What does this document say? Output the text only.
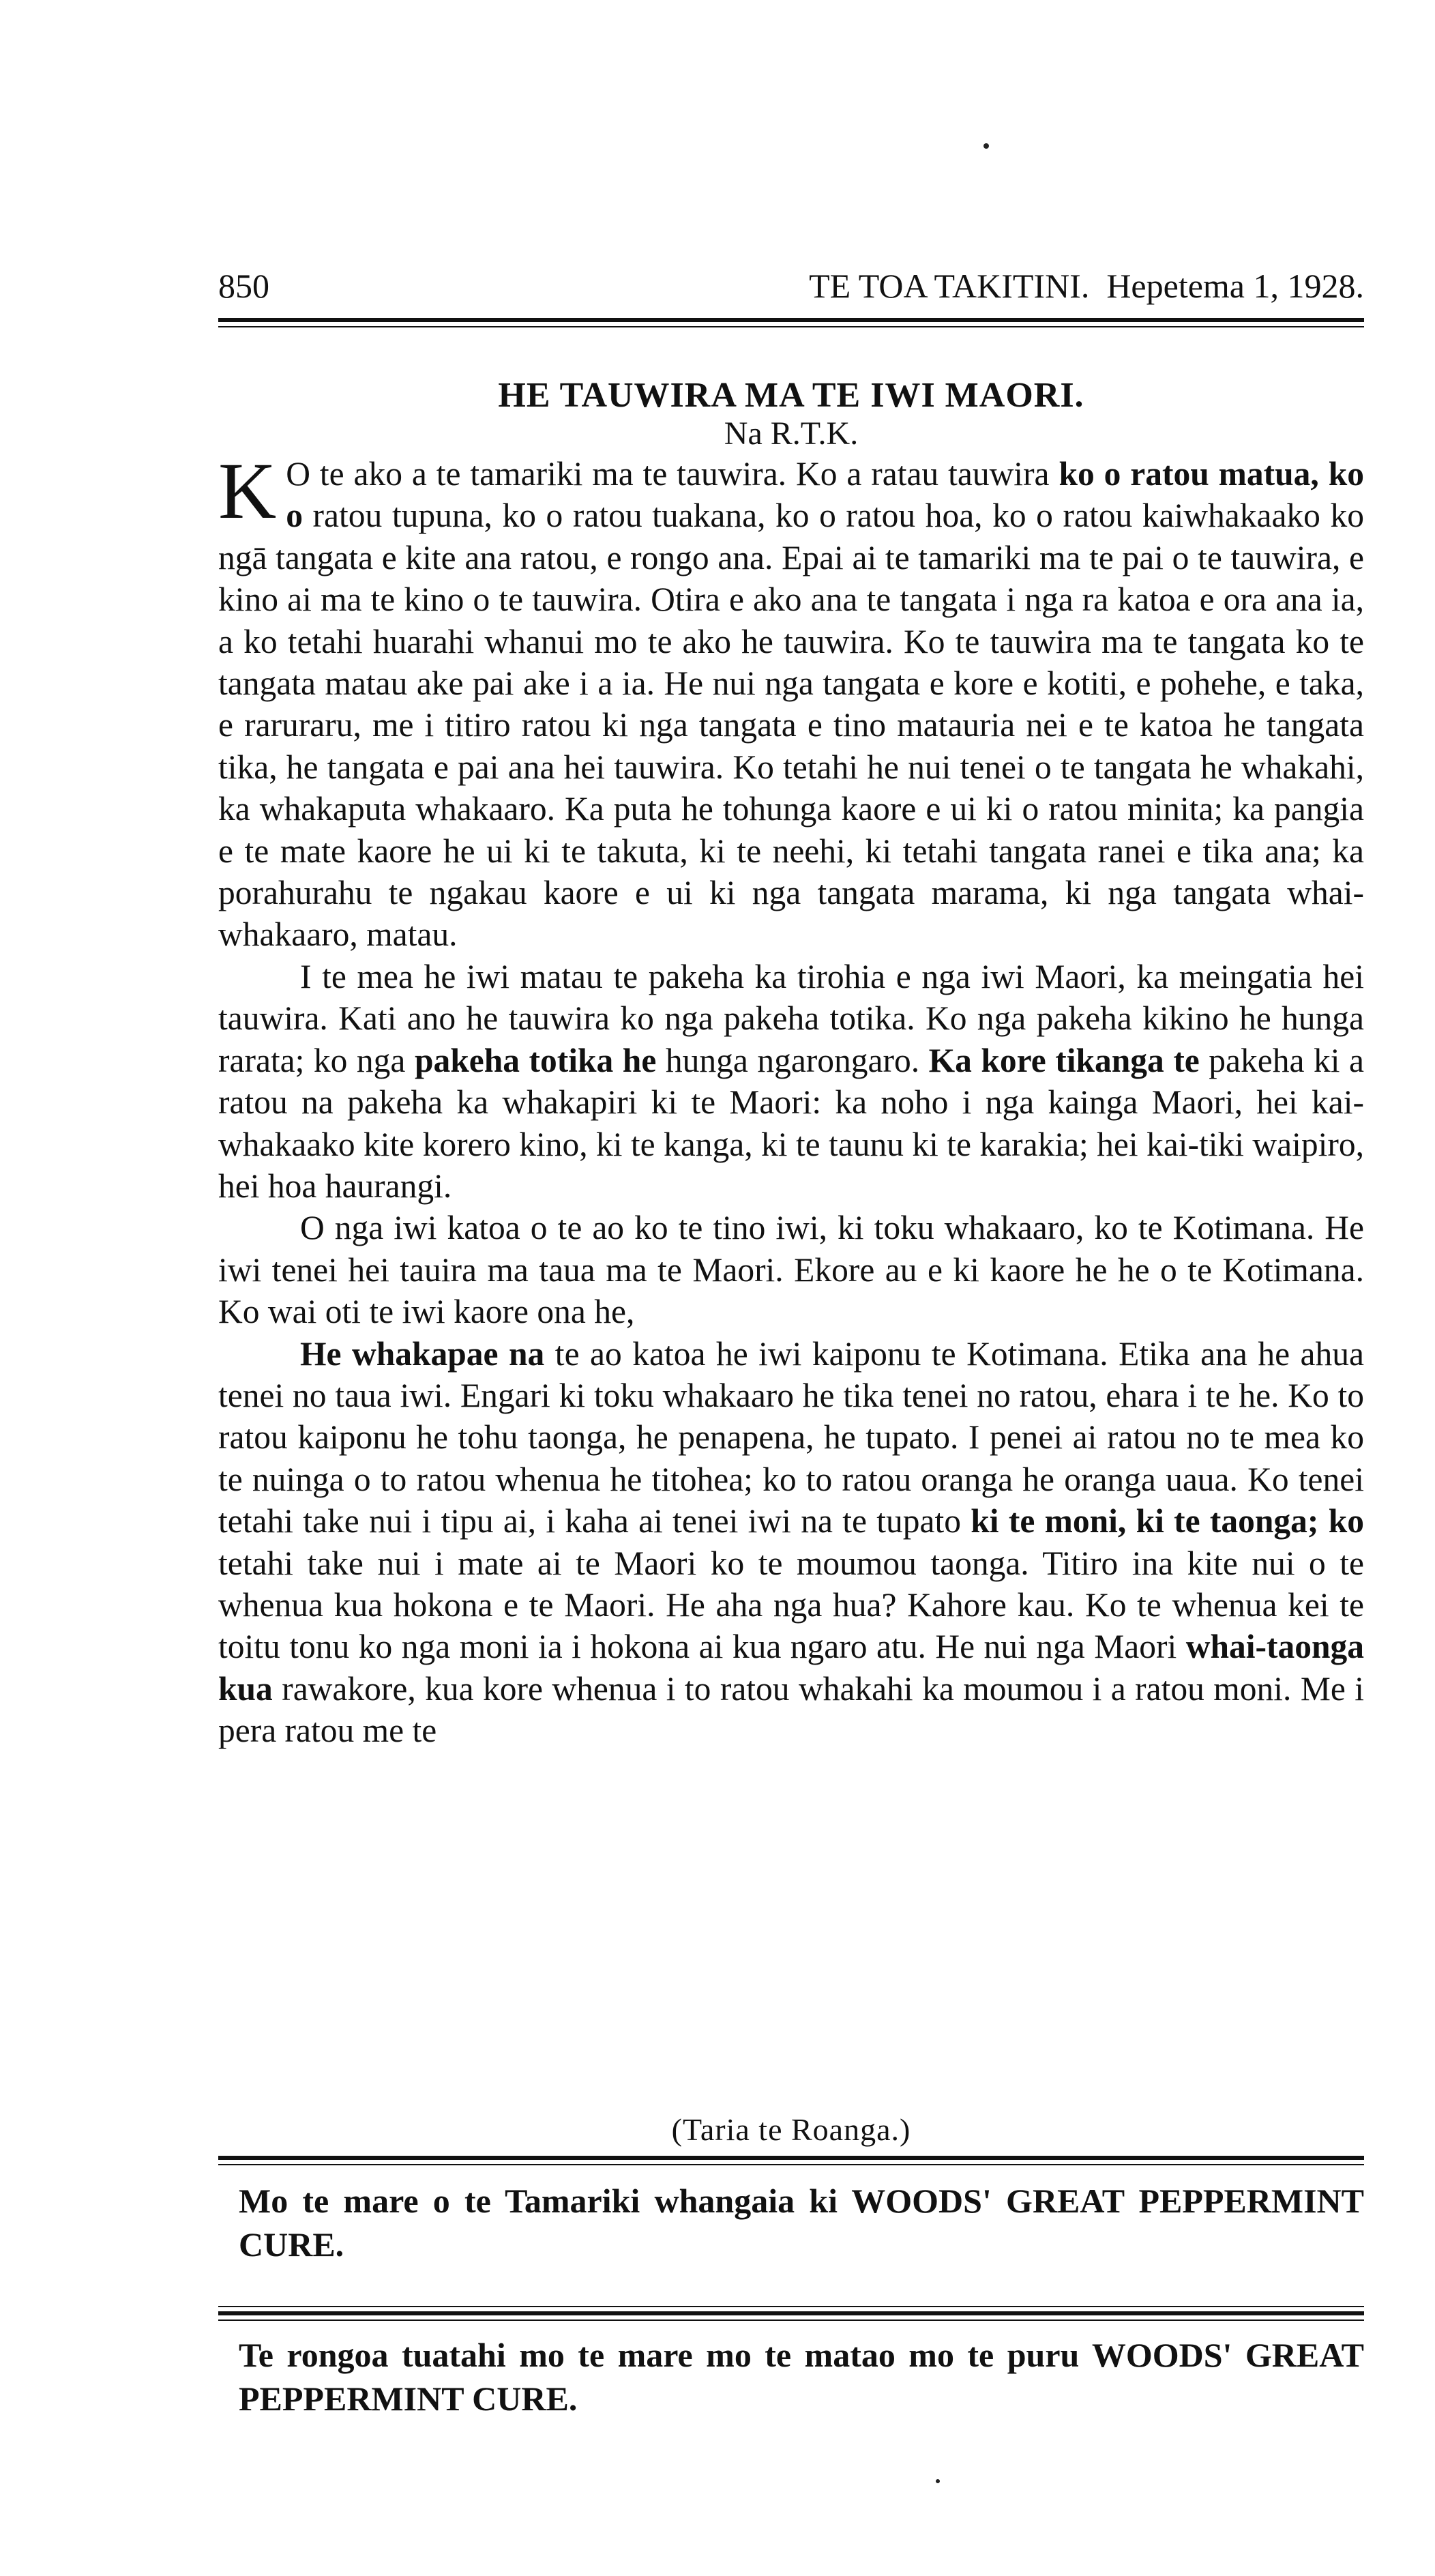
850	TE TOA TAKITINI. Hepetema 1, 1928.
HE TAUWIRA MA TE IWI MAORI.
Na R.T.K.

K O te ako a te tamariki ma te tauwira. Ko a ratau tauwira ko o ratou matua, ko o ratou tupuna, ko o ratou tuakana, ko o ratou hoa, ko o ratou kaiwhakaako ko ngā tangata e kite ana ratou, e rongo ana. Epai ai te tamariki ma te pai o te tauwira, e kino ai ma te kino o te tauwira. Otira e ako ana te tangata i nga ra katoa e ora ana ia, a ko tetahi huarahi whanui mo te ako he tauwira. Ko te tauwira ma te tangata ko te tangata matau ake pai ake i a ia. He nui nga tangata e kore e kotiti, e pohehe, e taka, e raruraru, me i titiro ratou ki nga tangata e tino matauria nei e te katoa he tangata tika, he tangata e pai ana hei tauwira. Ko tetahi he nui tenei o te tangata he whakahi, ka whakaputa whakaaro. Ka puta he tohunga kaore e ui ki o ratou minita; ka pangia e te mate kaore he ui ki te takuta, ki te neehi, ki tetahi tangata ranei e tika ana; ka porahurahu te ngakau kaore e ui ki nga tangata marama, ki nga tangata whai-whakaaro, matau.

I te mea he iwi matau te pakeha ka tirohia e nga iwi Maori, ka meingatia hei tauwira. Kati ano he tauwira ko nga pakeha totika. Ko nga pakeha kikino he hunga rarata; ko nga pakeha totika he hunga ngarongaro. Ka kore tikanga te pakeha ki a ratou na pakeha ka whakapiri ki te Maori: ka noho i nga kainga Maori, hei kai-whakaako kite korero kino, ki te kanga, ki te taunu ki te karakia; hei kai-tiki waipiro, hei hoa haurangi.

O nga iwi katoa o te ao ko te tino iwi, ki toku whakaaro, ko te Kotimana. He iwi tenei hei tauira ma taua ma te Maori. Ekore au e ki kaore he he o te Kotimana. Ko wai oti te iwi kaore ona he,

He whakapae na te ao katoa he iwi kaiponu te Kotimana. Etika ana he ahua tenei no taua iwi. Engari ki toku whakaaro he tika tenei no ratou, ehara i te he. Ko to ratou kaiponu he tohu taonga, he penapena, he tupato. I penei ai ratou no te mea ko te nuinga o to ratou whenua he titohea; ko to ratou oranga he oranga uaua. Ko tenei tetahi take nui i tipu ai, i kaha ai tenei iwi na te tupato ki te moni, ki te taonga; ko tetahi take nui i mate ai te Maori ko te moumou taonga. Titiro ina kite nui o te whenua kua hokona e te Maori. He aha nga hua? Kahore kau. Ko te whenua kei te toitu tonu ko nga moni ia i hokona ai kua ngaro atu. He nui nga Maori whai-taonga kua rawakore, kua kore whenua i to ratou whakahi ka moumou i a ratou moni. Me i pera ratou me te

(Taria te Roanga.)
Mo te mare o te Tamariki whangaia ki WOODS' GREAT PEPPERMINT CURE.
Te rongoa tuatahi mo te mare mo te matao mo te puru WOODS' GREAT PEPPERMINT CURE.
